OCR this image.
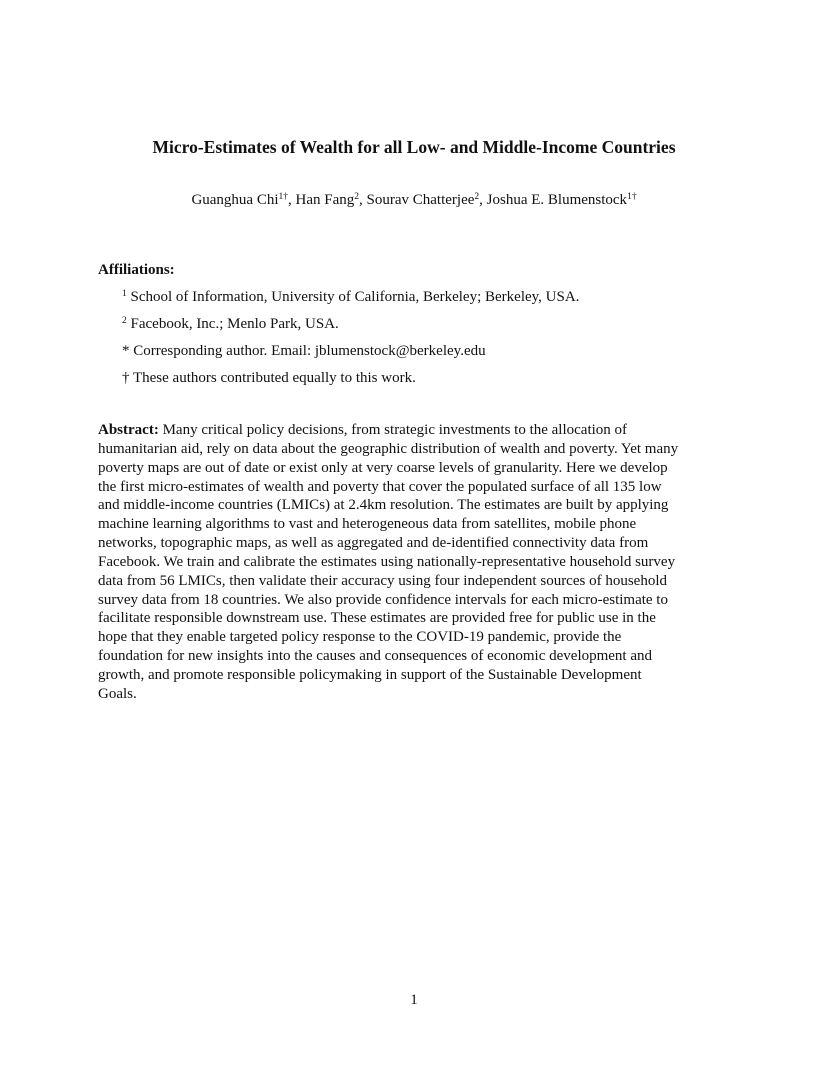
Micro-Estimates of Wealth for all Low- and Middle-Income Countries
Guanghua Chi$^{1\dagger}$, Han Fang$^2$, Sourav Chatterjee$^2$, Joshua E. Blumenstock$^{1\dagger}$
Affiliations:
$^1$ School of Information, University of California, Berkeley; Berkeley, USA.
$^2$ Facebook, Inc.; Menlo Park, USA.
* Corresponding author. Email: jblumenstock@berkeley.edu
† These authors contributed equally to this work.
Abstract: Many critical policy decisions, from strategic investments to the allocation of
humanitarian aid, rely on data about the geographic distribution of wealth and poverty. Yet many
poverty maps are out of date or exist only at very coarse levels of granularity. Here we develop
the first micro-estimates of wealth and poverty that cover the populated surface of all 135 low
and middle-income countries (LMICs) at 2.4km resolution. The estimates are built by applying
machine learning algorithms to vast and heterogeneous data from satellites, mobile phone
networks, topographic maps, as well as aggregated and de-identified connectivity data from
Facebook. We train and calibrate the estimates using nationally-representative household survey
data from 56 LMICs, then validate their accuracy using four independent sources of household
survey data from 18 countries. We also provide confidence intervals for each micro-estimate to
facilitate responsible downstream use. These estimates are provided free for public use in the
hope that they enable targeted policy response to the COVID-19 pandemic, provide the
foundation for new insights into the causes and consequences of economic development and
growth, and promote responsible policymaking in support of the Sustainable Development
Goals.
1
